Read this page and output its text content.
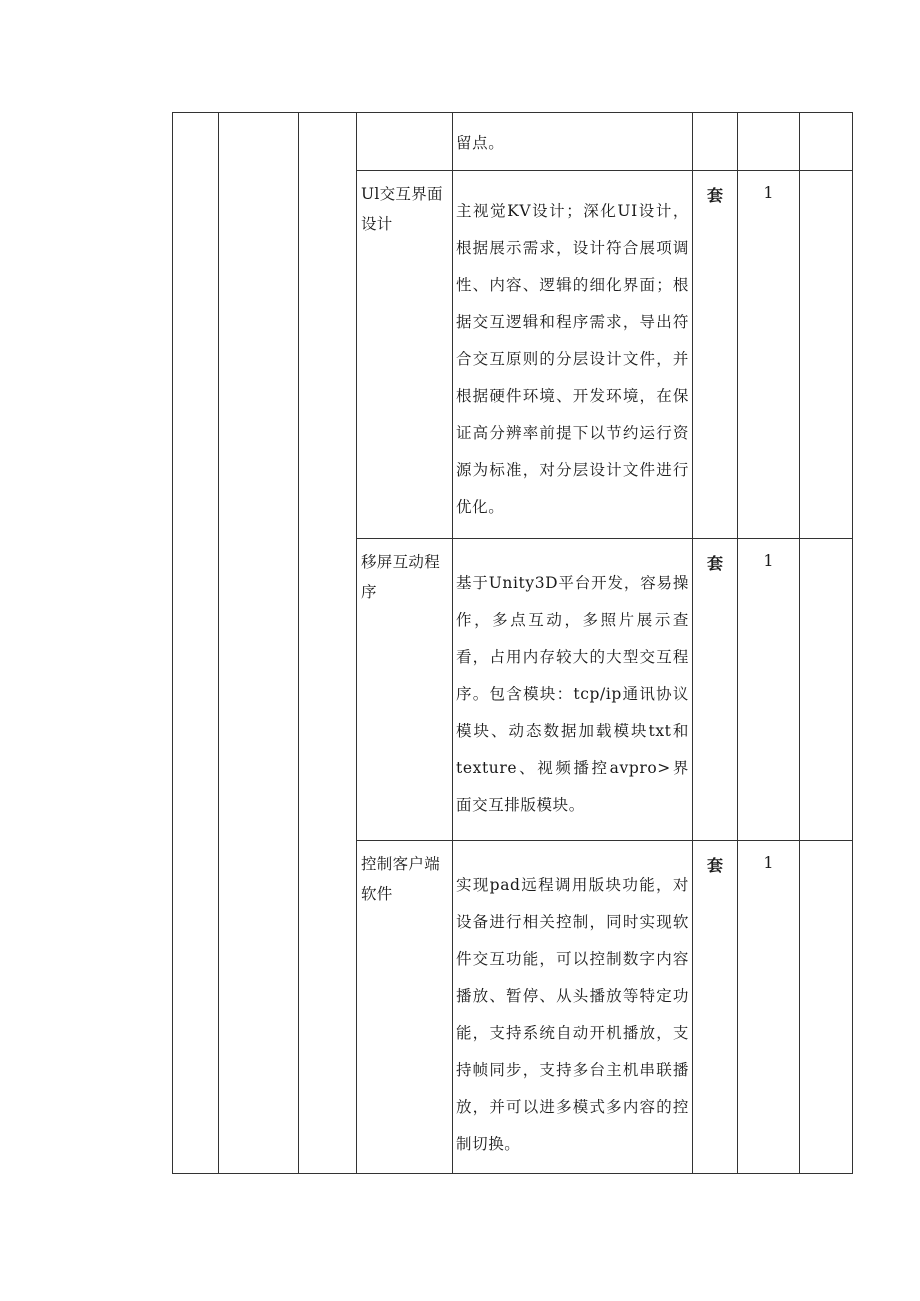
				留点。			
			Ul交互界面设计	主视觉KV设计；深化UI设计，根据展示需求，设计符合展项调性、内容、逻辑的细化界面；根据交互逻辑和程序需求，导出符合交互原则的分层设计文件，并根据硬件环境、开发环境，在保证高分辨率前提下以节约运行资源为标准，对分层设计文件进行优化。	套	1	
			移屏互动程序	基于Unity3D平台开发，容易操作，多点互动，多照片展示查看，占用内存较大的大型交互程序。包含模块：tcp/ip通讯协议模块、动态数据加载模块txt和texture、视频播控avpro>界面交互排版模块。	套	1	
			控制客户端软件	实现pad远程调用版块功能，对设备进行相关控制，同时实现软件交互功能，可以控制数字内容播放、暂停、从头播放等特定功能，支持系统自动开机播放，支持帧同步，支持多台主机串联播放，并可以进多模式多内容的控制切换。	套	1	
